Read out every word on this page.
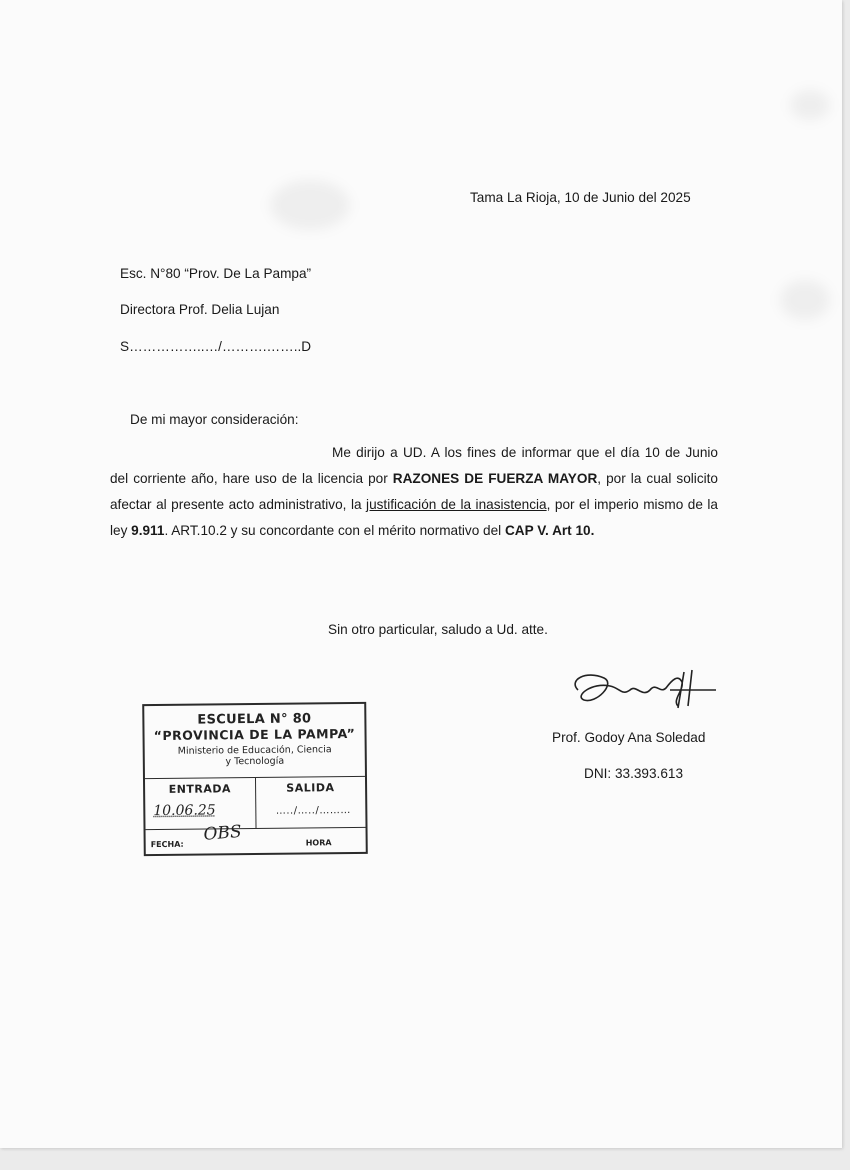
Tama La Rioja, 10 de Junio del 2025
Esc. N°80 “Prov. De La Pampa”
Directora Prof. Delia Lujan
S……………..…/……….……..D
De mi mayor consideración:
Me dirijo a UD. A los fines de informar que el día 10 de Junio del corriente año, hare uso de la licencia por RAZONES DE FUERZA MAYOR, por la cual solicito afectar al presente acto administrativo, la justificación de la inasistencia, por el imperio mismo de la ley 9.911. ART.10.2 y su concordante con el mérito normativo del CAP V. Art 10.
Sin otro particular, saludo a Ud. atte.
Prof. Godoy Ana Soledad
DNI: 33.393.613
ESCUELA N° 80
“PROVINCIA DE LA PAMPA”
Ministerio de Educación, Ciencia
y Tecnología
ENTRADA
10.06.25
SALIDA
…../…../………
FECHA: OBS	HORA
